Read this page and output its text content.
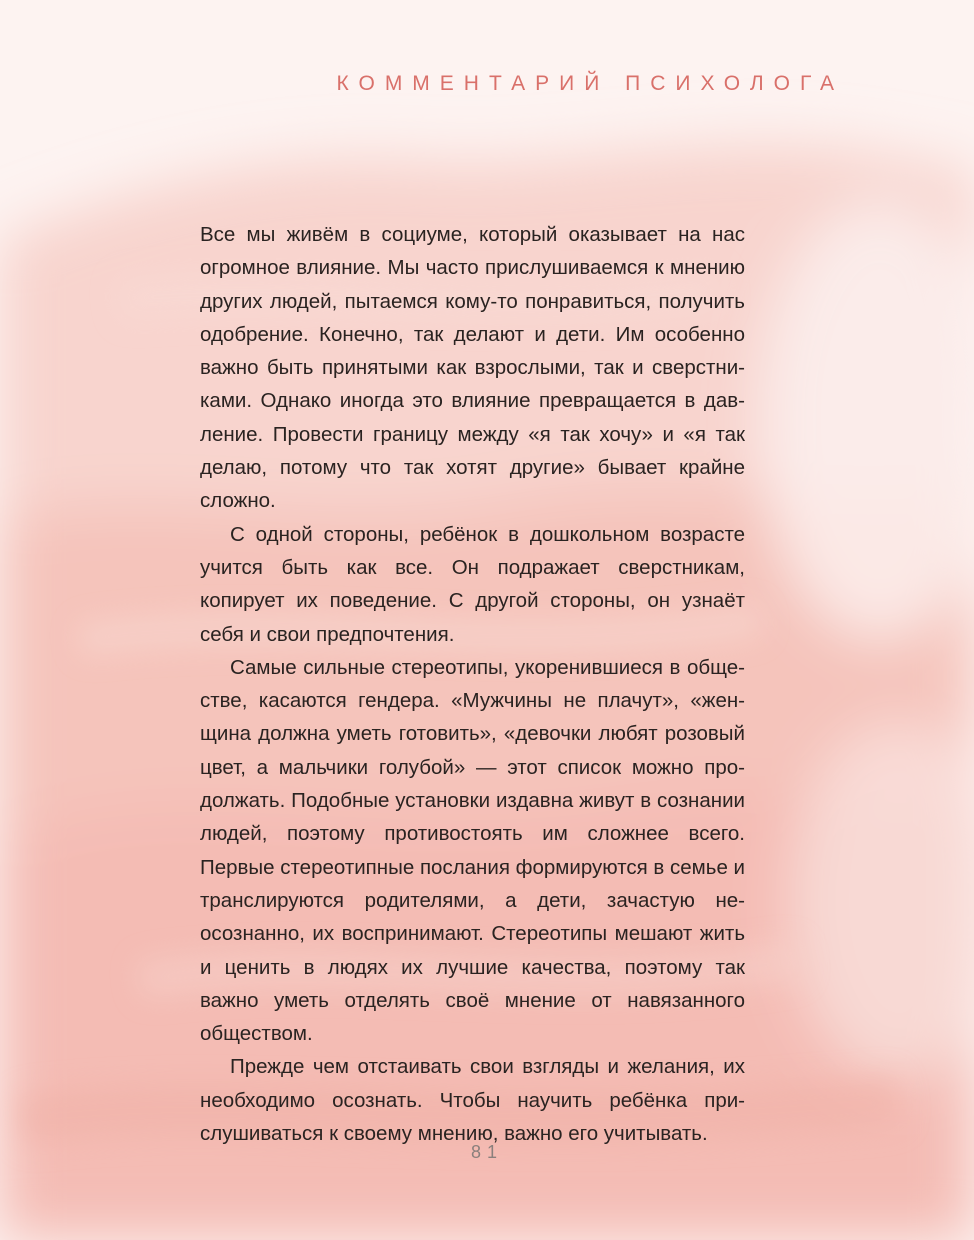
КОММЕНТАРИЙ ПСИХОЛОГА

Все мы живём в социуме, который оказывает на нас огромное влияние. Мы часто прислушиваемся к мнению других людей, пытаемся кому-то понравиться, получить одобрение. Конечно, так делают и дети. Им особенно важно быть принятыми как взрослыми, так и сверстниками. Однако иногда это влияние превращается в давление. Провести границу между «я так хочу» и «я так делаю, потому что так хотят другие» бывает крайне сложно.

С одной стороны, ребёнок в дошкольном возрасте учится быть как все. Он подражает сверстникам, копирует их поведение. С другой стороны, он узнаёт себя и свои предпочтения.

Самые сильные стереотипы, укоренившиеся в обществе, касаются гендера. «Мужчины не плачут», «женщина должна уметь готовить», «девочки любят розовый цвет, а мальчики голубой» — этот список можно продолжать. Подобные установки издавна живут в сознании людей, поэтому противостоять им сложнее всего. Первые стереотипные послания формируются в семье и транслируются родителями, а дети, зачастую неосознанно, их воспринимают. Стереотипы мешают жить и ценить в людях их лучшие качества, поэтому так важно уметь отделять своё мнение от навязанного обществом.

Прежде чем отстаивать свои взгляды и желания, их необходимо осознать. Чтобы научить ребёнка прислушиваться к своему мнению, важно его учитывать.

81
